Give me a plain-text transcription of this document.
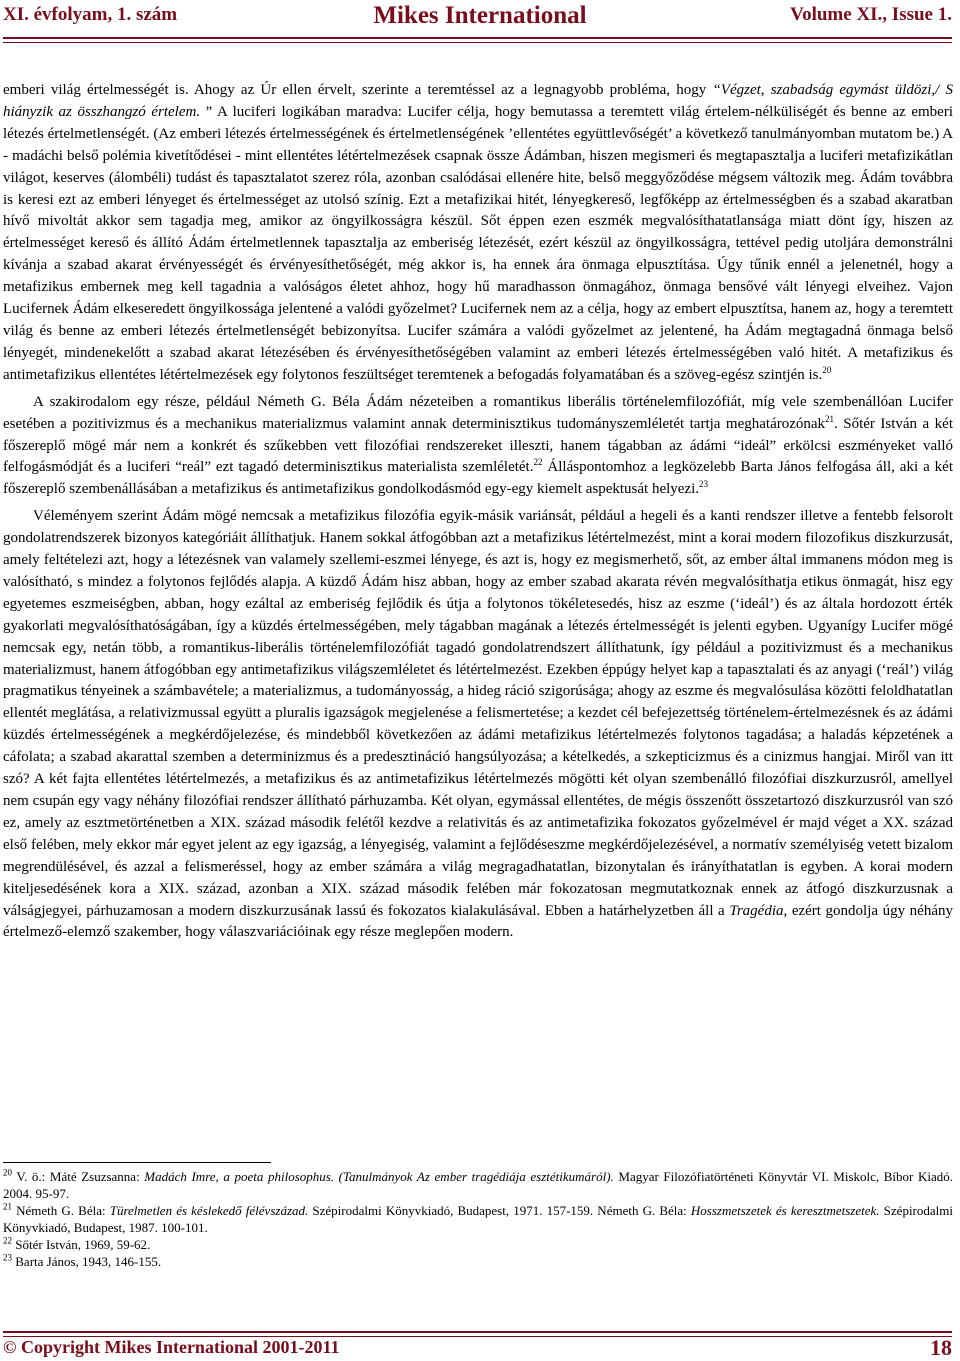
XI. évfolyam, 1. szám	Mikes International	Volume XI., Issue 1.

emberi világ értelmességét is. Ahogy az Úr ellen érvelt, szerinte a teremtéssel az a legnagyobb probléma, hogy “Végzet, szabadság egymást üldözi,/ S hiányzik az összhangzó értelem. ” A luciferi logikában maradva: Lucifer célja, hogy bemutassa a teremtett világ értelem-nélküliségét és benne az emberi létezés értelmetlenségét. (Az emberi létezés értelmességének és értelmetlenségének ’ellentétes együttlevőségét’ a következő tanulmányomban mutatom be.) A - madáchi belső polémia kivetítődései - mint ellentétes létértelmezések csapnak össze Ádámban, hiszen megismeri és megtapasztalja a luciferi metafizikátlan világot, keserves (álombéli) tudást és tapasztalatot szerez róla, azonban csalódásai ellenére hite, belső meggyőződése mégsem változik meg. Ádám továbbra is keresi ezt az emberi lényeget és értelmességet az utolsó színig. Ezt a metafizikai hitét, lényegkereső, legfőképp az értelmességben és a szabad akaratban hívő mivoltát akkor sem tagadja meg, amikor az öngyilkosságra készül. Sőt éppen ezen eszmék megvalósíthatatlansága miatt dönt így, hiszen az értelmességet kereső és állító Ádám értelmetlennek tapasztalja az emberiség létezését, ezért készül az öngyilkosságra, tettével pedig utoljára demonstrálni kívánja a szabad akarat érvényességét és érvényesíthetőségét, még akkor is, ha ennek ára önmaga elpusztítása. Úgy tűnik ennél a jelenetnél, hogy a metafizikus embernek meg kell tagadnia a valóságos életet ahhoz, hogy hű maradhasson önmagához, önmaga bensővé vált lényegi elveihez. Vajon Lucifernek Ádám elkeseredett öngyilkossága jelentené a valódi győzelmet? Lucifernek nem az a célja, hogy az embert elpusztítsa, hanem az, hogy a teremtett világ és benne az emberi létezés értelmetlenségét bebizonyítsa. Lucifer számára a valódi győzelmet az jelentené, ha Ádám megtagadná önmaga belső lényegét, mindenekelőtt a szabad akarat létezésében és érvényesíthetőségében valamint az emberi létezés értelmességében való hitét. A metafizikus és antimetafizikus ellentétes létértelmezések egy folytonos feszültséget teremtenek a befogadás folyamatában és a szöveg-egész szintjén is.$^{20}$

A szakirodalom egy része, például Németh G. Béla Ádám nézeteiben a romantikus liberális történelemfilozófiát, míg vele szembenállóan Lucifer esetében a pozitivizmus és a mechanikus materializmus valamint annak determinisztikus tudományszemléletét tartja meghatározónak$^{21}$. Sőtér István a két főszereplő mögé már nem a konkrét és szűkebben vett filozófiai rendszereket illeszti, hanem tágabban az ádámi “ideál” erkölcsi eszményeket valló felfogásmódját és a luciferi “reál” ezt tagadó determinisztikus materialista szemléletét.$^{22}$ Álláspontomhoz a legközelebb Barta János felfogása áll, aki a két főszereplő szembenállásában a metafizikus és antimetafizikus gondolkodásmód egy-egy kiemelt aspektusát helyezi.$^{23}$

Véleményem szerint Ádám mögé nemcsak a metafizikus filozófia egyik-másik variánsát, például a hegeli és a kanti rendszer illetve a fentebb felsorolt gondolatrendszerek bizonyos kategóriáit állíthatjuk. Hanem sokkal átfogóbban azt a metafizikus létértelmezést, mint a korai modern filozofikus diszkurzusát, amely feltételezi azt, hogy a létezésnek van valamely szellemi-eszmei lényege, és azt is, hogy ez megismerhető, sőt, az ember által immanens módon meg is valósítható, s mindez a folytonos fejlődés alapja. A küzdő Ádám hisz abban, hogy az ember szabad akarata révén megvalósíthatja etikus önmagát, hisz egy egyetemes eszmeiségben, abban, hogy ezáltal az emberiség fejlődik és útja a folytonos tökéletesedés, hisz az eszme (‘ideál’) és az általa hordozott érték gyakorlati megvalósíthatóságában, így a küzdés értelmességében, mely tágabban magának a létezés értelmességét is jelenti egyben. Ugyanígy Lucifer mögé nemcsak egy, netán több, a romantikus-liberális történelemfilozófiát tagadó gondolatrendszert állíthatunk, így például a pozitivizmust és a mechanikus materializmust, hanem átfogóbban egy antimetafizikus világszemléletet és létértelmezést. Ezekben éppúgy helyet kap a tapasztalati és az anyagi (‘reál’) világ pragmatikus tényeinek a számbavétele; a materializmus, a tudományosság, a hideg ráció szigorúsága; ahogy az eszme és megvalósulása közötti feloldhatatlan ellentét meglátása, a relativizmussal együtt a pluralis igazságok megjelenése a felismertetése; a kezdet cél befejezettség történelem-értelmezésnek és az ádámi küzdés értelmességének a megkérdőjelezése, és mindebből következően az ádámi metafizikus létértelmezés folytonos tagadása; a haladás képzetének a cáfolata; a szabad akarattal szemben a determinizmus és a predesztináció hangsúlyozása; a kételkedés, a szkepticizmus és a cinizmus hangjai. Miről van itt szó? A két fajta ellentétes létértelmezés, a metafizikus és az antimetafizikus létértelmezés mögötti két olyan szembenálló filozófiai diszkurzusról, amellyel nem csupán egy vagy néhány filozófiai rendszer állítható párhuzamba. Két olyan, egymással ellentétes, de mégis összenőtt összetartozó diszkurzusról van szó ez, amely az esztmetörténetben a XIX. század második felétől kezdve a relativitás és az antimetafizika fokozatos győzelmével ér majd véget a XX. század első felében, mely ekkor már egyet jelent az egy igazság, a lényegiség, valamint a fejlődéseszme megkérdőjelezésével, a normatív személyiség vetett bizalom megrendülésével, és azzal a felismeréssel, hogy az ember számára a világ megragadhatatlan, bizonytalan és irányíthatatlan is egyben. A korai modern kiteljesedésének kora a XIX. század, azonban a XIX. század második felében már fokozatosan megmutatkoznak ennek az átfogó diszkurzusnak a válságjegyei, párhuzamosan a modern diszkurzusának lassú és fokozatos kialakulásával. Ebben a határhelyzetben áll a Tragédia, ezért gondolja úgy néhány értelmező-elemző szakember, hogy válaszvariációinak egy része meglepően modern.

$^{20}$ V. ö.: Máté Zsuzsanna: Madách Imre, a poeta philosophus. (Tanulmányok Az ember tragédiája esztétikumáról). Magyar Filozófiatörténeti Könyvtár VI. Miskolc, Bíbor Kiadó. 2004. 95-97.

$^{21}$ Németh G. Béla: Türelmetlen és késlekedő félévszázad. Szépirodalmi Könyvkiadó, Budapest, 1971. 157-159. Németh G. Béla: Hosszmetszetek és keresztmetszetek. Szépirodalmi Könyvkiadó, Budapest, 1987. 100-101.

$^{22}$ Sőtér István, 1969, 59-62.

$^{23}$ Barta János, 1943, 146-155.

© Copyright Mikes International 2001-2011	18
